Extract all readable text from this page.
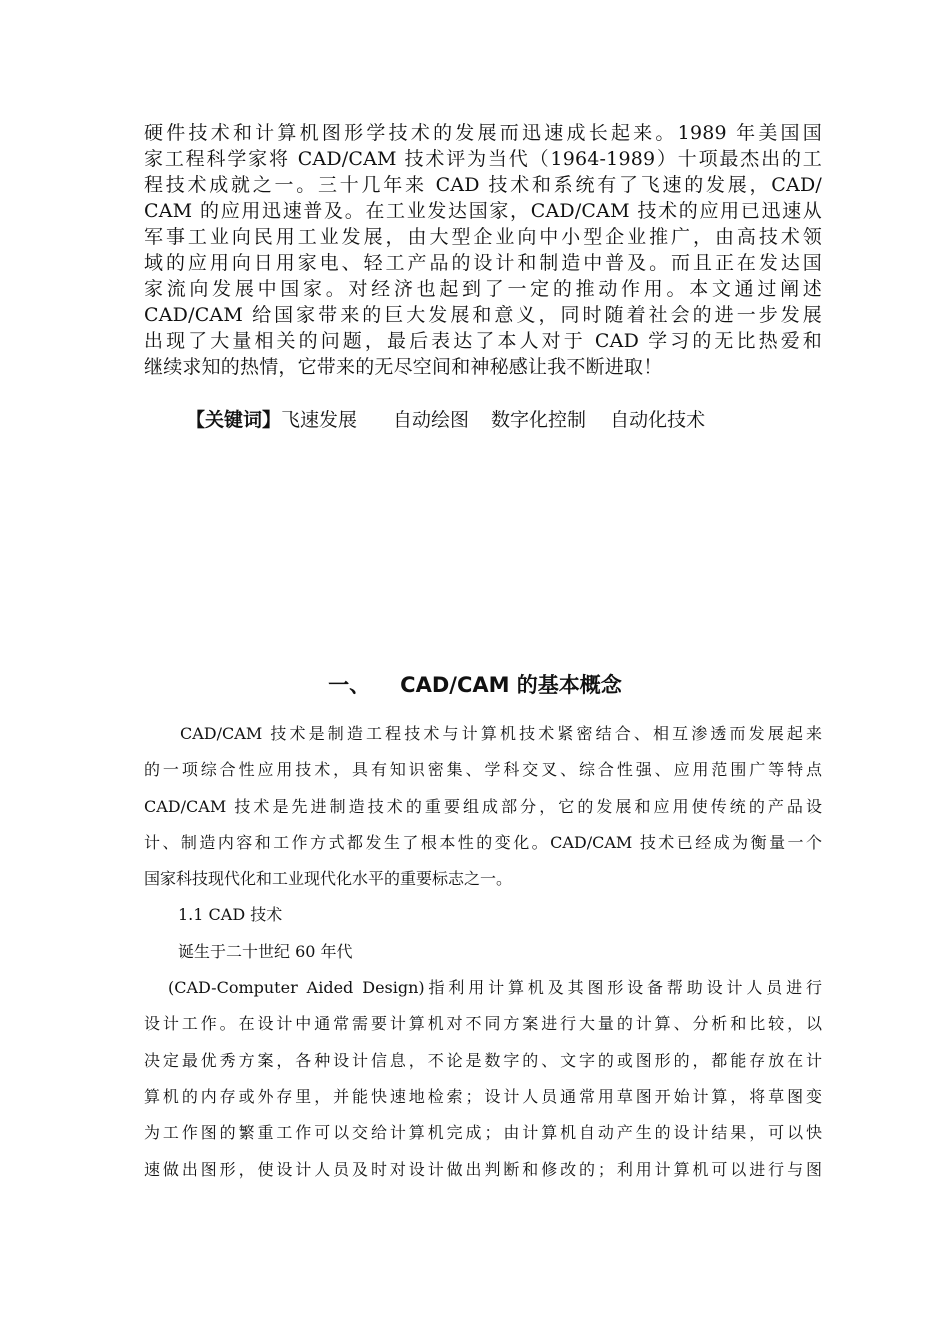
硬件技术和计算机图形学技术的发展而迅速成长起来。1989 年美国国
家工程科学家将 CAD/CAM 技术评为当代（1964-1989）十项最杰出的工
程技术成就之一。三十几年来 CAD 技术和系统有了飞速的发展，CAD/
CAM 的应用迅速普及。在工业发达国家，CAD/CAM 技术的应用已迅速从
军事工业向民用工业发展，由大型企业向中小型企业推广，由高技术领
域的应用向日用家电、轻工产品的设计和制造中普及。而且正在发达国
家流向发展中国家。对经济也起到了一定的推动作用。本文通过阐述
CAD/CAM 给国家带来的巨大发展和意义，同时随着社会的进一步发展
出现了大量相关的问题，最后表达了本人对于 CAD 学习的无比热爱和
继续求知的热情，它带来的无尽空间和神秘感让我不断进取！
【关键词】飞速发展 自动绘图 数字化控制 自动化技术
一、 CAD/CAM 的基本概念
CAD/CAM 技术是制造工程技术与计算机技术紧密结合、相互渗透而发展起来
的一项综合性应用技术，具有知识密集、学科交叉、综合性强、应用范围广等特点
CAD/CAM 技术是先进制造技术的重要组成部分，它的发展和应用使传统的产品设
计、制造内容和工作方式都发生了根本性的变化。CAD/CAM 技术已经成为衡量一个
国家科技现代化和工业现代化水平的重要标志之一。
1.1 CAD 技术
诞生于二十世纪 60 年代
(CAD-Computer Aided Design)指利用计算机及其图形设备帮助设计人员进行
设计工作。在设计中通常需要计算机对不同方案进行大量的计算、分析和比较，以
决定最优秀方案，各种设计信息，不论是数字的、文字的或图形的，都能存放在计
算机的内存或外存里，并能快速地检索；设计人员通常用草图开始计算，将草图变
为工作图的繁重工作可以交给计算机完成；由计算机自动产生的设计结果，可以快
速做出图形，使设计人员及时对设计做出判断和修改的；利用计算机可以进行与图
